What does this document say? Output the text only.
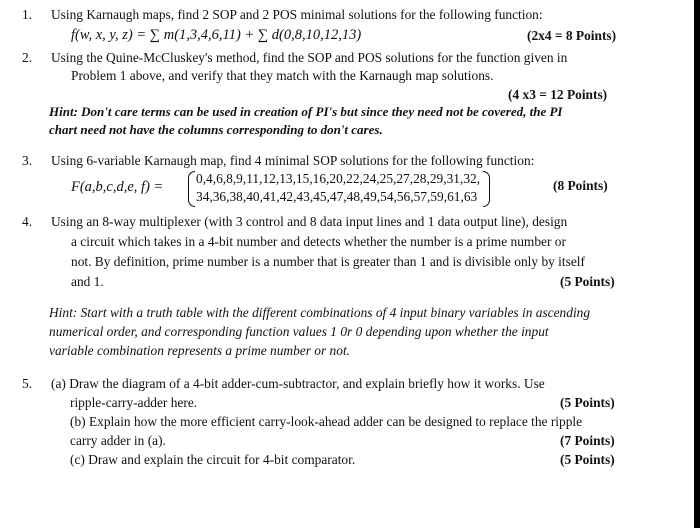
1. Using Karnaugh maps, find 2 SOP and 2 POS minimal solutions for the following function:
f(w, x, y, z) = ∑ m(1,3,4,6,11) + ∑ d(0,8,10,12,13)	(2x4 = 8 Points)
2. Using the Quine-McCluskey's method, find the SOP and POS solutions for the function given in
Problem 1 above, and verify that they match with the Karnaugh map solutions.
(4 x3 = 12 Points)
Hint: Don't care terms can be used in creation of PI's but since they need not be covered, the PI
chart need not have the columns corresponding to don't cares.
3. Using 6-variable Karnaugh map, find 4 minimal SOP solutions for the following function:
F(a,b,c,d,e, f) =
0,4,6,8,9,11,12,13,15,16,20,22,24,25,27,28,29,31,32,
34,36,38,40,41,42,43,45,47,48,49,54,56,57,59,61,63
(8 Points)
4. Using an 8-way multiplexer (with 3 control and 8 data input lines and 1 data output line), design
a circuit which takes in a 4-bit number and detects whether the number is a prime number or
not. By definition, prime number is a number that is greater than 1 and is divisible only by itself
and 1.	(5 Points)
Hint: Start with a truth table with the different combinations of 4 input binary variables in ascending
numerical order, and corresponding function values 1 0r 0 depending upon whether the input
variable combination represents a prime number or not.
5. (a) Draw the diagram of a 4-bit adder-cum-subtractor, and explain briefly how it works. Use
ripple-carry-adder here.	(5 Points)
(b) Explain how the more efficient carry-look-ahead adder can be designed to replace the ripple
carry adder in (a).	(7 Points)
(c) Draw and explain the circuit for 4-bit comparator.	(5 Points)
